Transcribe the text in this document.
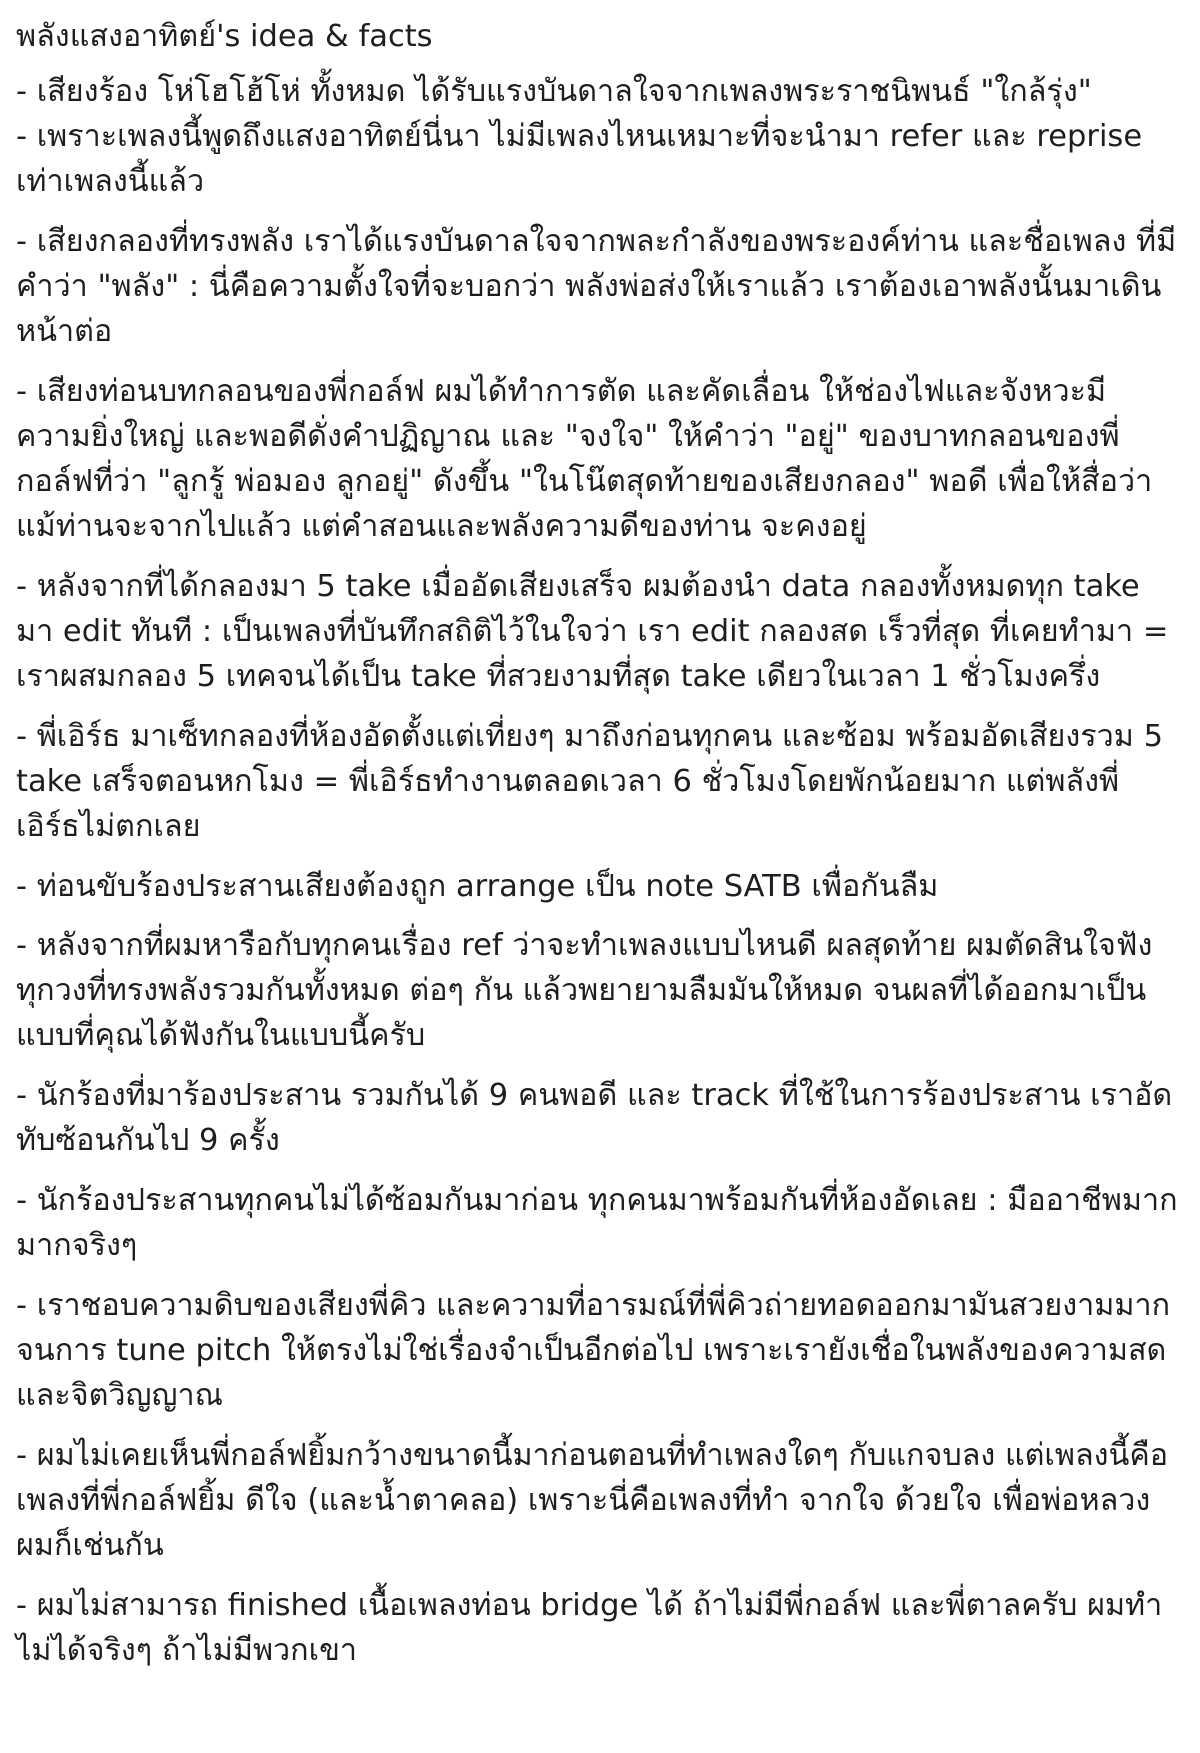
พลังแสงอาทิตย์'s idea & facts
- เสียงร้อง โห่โฮโฮ้โห่ ทั้งหมด ได้รับแรงบันดาลใจจากเพลงพระราชนิพนธ์ "ใกล้รุ่ง"
- เพราะเพลงนี้พูดถึงแสงอาทิตย์นี่นา ไม่มีเพลงไหนเหมาะที่จะนำมา refer และ reprise เท่าเพลงนี้แล้ว
- เสียงกลองที่ทรงพลัง เราได้แรงบันดาลใจจากพละกำลังของพระองค์ท่าน และชื่อเพลง ที่มีคำว่า "พลัง" : นี่คือความตั้งใจที่จะบอกว่า พลังพ่อส่งให้เราแล้ว เราต้องเอาพลังนั้นมาเดินหน้าต่อ
- เสียงท่อนบทกลอนของพี่กอล์ฟ ผมได้ทำการตัด และคัดเลื่อน ให้ช่องไฟและจังหวะมีความยิ่งใหญ่ และพอดีดั่งคำปฏิญาณ และ "จงใจ" ให้คำว่า "อยู่" ของบาทกลอนของพี่กอล์ฟที่ว่า "ลูกรู้ พ่อมอง ลูกอยู่" ดังขึ้น "ในโน๊ตสุดท้ายของเสียงกลอง" พอดี เพื่อให้สื่อว่า แม้ท่านจะจากไปแล้ว แต่คำสอนและพลังความดีของท่าน จะคงอยู่
- หลังจากที่ได้กลองมา 5 take เมื่ออัดเสียงเสร็จ ผมต้องนำ data กลองทั้งหมดทุก take มา edit ทันที : เป็นเพลงที่บันทึกสถิติไว้ในใจว่า เรา edit กลองสด เร็วที่สุด ที่เคยทำมา = เราผสมกลอง 5 เทคจนได้เป็น take ที่สวยงามที่สุด take เดียวในเวลา 1 ชั่วโมงครึ่ง
- พี่เอิร์ธ มาเซ็ทกลองที่ห้องอัดตั้งแต่เที่ยงๆ มาถึงก่อนทุกคน และซ้อม พร้อมอัดเสียงรวม 5 take เสร็จตอนหกโมง = พี่เอิร์ธทำงานตลอดเวลา 6 ชั่วโมงโดยพักน้อยมาก แต่พลังพี่เอิร์ธไม่ตกเลย
- ท่อนขับร้องประสานเสียงต้องถูก arrange เป็น note SATB เพื่อกันลืม
- หลังจากที่ผมหารือกับทุกคนเรื่อง ref ว่าจะทำเพลงแบบไหนดี ผลสุดท้าย ผมตัดสินใจฟังทุกวงที่ทรงพลังรวมกันทั้งหมด ต่อๆ กัน แล้วพยายามลืมมันให้หมด จนผลที่ได้ออกมาเป็นแบบที่คุณได้ฟังกันในแบบนี้ครับ
- นักร้องที่มาร้องประสาน รวมกันได้ 9 คนพอดี และ track ที่ใช้ในการร้องประสาน เราอัดทับซ้อนกันไป 9 ครั้ง
- นักร้องประสานทุกคนไม่ได้ซ้อมกันมาก่อน ทุกคนมาพร้อมกันที่ห้องอัดเลย : มืออาชีพมากมากจริงๆ
- เราชอบความดิบของเสียงพี่คิว และความที่อารมณ์ที่พี่คิวถ่ายทอดออกมามันสวยงามมากจนการ tune pitch ให้ตรงไม่ใช่เรื่องจำเป็นอีกต่อไป เพราะเรายังเชื่อในพลังของความสด และจิตวิญญาณ
- ผมไม่เคยเห็นพี่กอล์ฟยิ้มกว้างขนาดนี้มาก่อนตอนที่ทำเพลงใดๆ กับแกจบลง แต่เพลงนี้คือเพลงที่พี่กอล์ฟยิ้ม ดีใจ (และน้ำตาคลอ) เพราะนี่คือเพลงที่ทำ จากใจ ด้วยใจ เพื่อพ่อหลวง ผมก็เช่นกัน
- ผมไม่สามารถ finished เนื้อเพลงท่อน bridge ได้ ถ้าไม่มีพี่กอล์ฟ และพี่ตาลครับ ผมทำไม่ได้จริงๆ ถ้าไม่มีพวกเขา
